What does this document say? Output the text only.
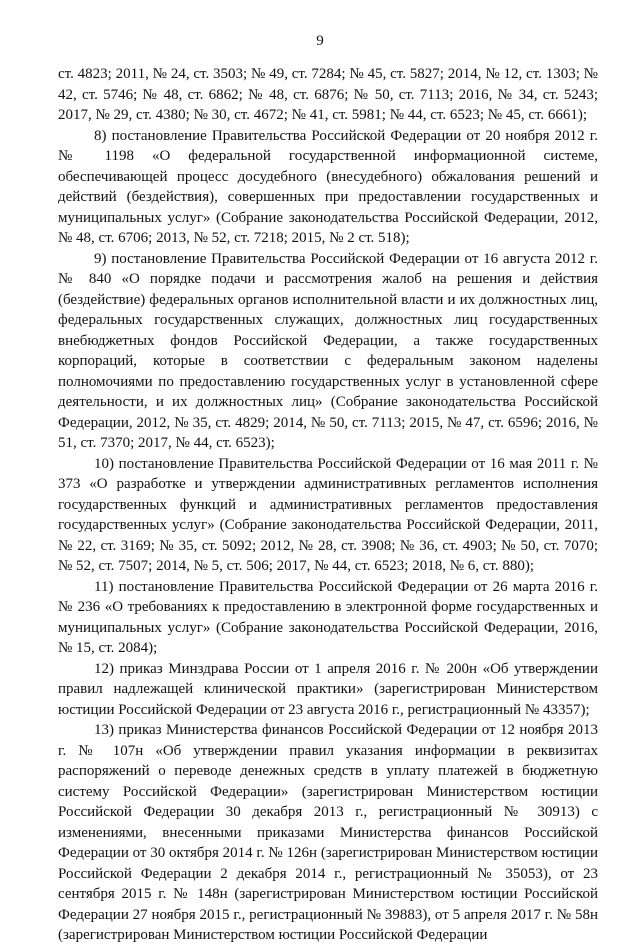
9

ст. 4823; 2011, № 24, ст. 3503; № 49, ст. 7284; № 45, ст. 5827; 2014, № 12, ст. 1303; № 42, ст. 5746; № 48, ст. 6862; № 48, ст. 6876; № 50, ст. 7113; 2016, № 34, ст. 5243; 2017, № 29, ст. 4380; № 30, ст. 4672; № 41, ст. 5981; № 44, ст. 6523; № 45, ст. 6661);

8) постановление Правительства Российской Федерации от 20 ноября 2012 г. № 1198 «О федеральной государственной информационной системе, обеспечивающей процесс досудебного (внесудебного) обжалования решений и действий (бездействия), совершенных при предоставлении государственных и муниципальных услуг» (Собрание законодательства Российской Федерации, 2012, № 48, ст. 6706; 2013, № 52, ст. 7218; 2015, № 2 ст. 518);

9) постановление Правительства Российской Федерации от 16 августа 2012 г. № 840 «О порядке подачи и рассмотрения жалоб на решения и действия (бездействие) федеральных органов исполнительной власти и их должностных лиц, федеральных государственных служащих, должностных лиц государственных внебюджетных фондов Российской Федерации, а также государственных корпораций, которые в соответствии с федеральным законом наделены полномочиями по предоставлению государственных услуг в установленной сфере деятельности, и их должностных лиц» (Собрание законодательства Российской Федерации, 2012, № 35, ст. 4829; 2014, № 50, ст. 7113; 2015, № 47, ст. 6596; 2016, № 51, ст. 7370; 2017, № 44, ст. 6523);

10) постановление Правительства Российской Федерации от 16 мая 2011 г. № 373 «О разработке и утверждении административных регламентов исполнения государственных функций и административных регламентов предоставления государственных услуг» (Собрание законодательства Российской Федерации, 2011, № 22, ст. 3169; № 35, ст. 5092; 2012, № 28, ст. 3908; № 36, ст. 4903; № 50, ст. 7070; № 52, ст. 7507; 2014, № 5, ст. 506; 2017, № 44, ст. 6523; 2018, № 6, ст. 880);

11) постановление Правительства Российской Федерации от 26 марта 2016 г. № 236 «О требованиях к предоставлению в электронной форме государственных и муниципальных услуг» (Собрание законодательства Российской Федерации, 2016, № 15, ст. 2084);

12) приказ Минздрава России от 1 апреля 2016 г. № 200н «Об утверждении правил надлежащей клинической практики» (зарегистрирован Министерством юстиции Российской Федерации от 23 августа 2016 г., регистрационный № 43357);

13) приказ Министерства финансов Российской Федерации от 12 ноября 2013 г. № 107н «Об утверждении правил указания информации в реквизитах распоряжений о переводе денежных средств в уплату платежей в бюджетную систему Российской Федерации» (зарегистрирован Министерством юстиции Российской Федерации 30 декабря 2013 г., регистрационный № 30913) с изменениями, внесенными приказами Министерства финансов Российской Федерации от 30 октября 2014 г. № 126н (зарегистрирован Министерством юстиции Российской Федерации 2 декабря 2014 г., регистрационный № 35053), от 23 сентября 2015 г. № 148н (зарегистрирован Министерством юстиции Российской Федерации 27 ноября 2015 г., регистрационный № 39883), от 5 апреля 2017 г. № 58н (зарегистрирован Министерством юстиции Российской Федерации
